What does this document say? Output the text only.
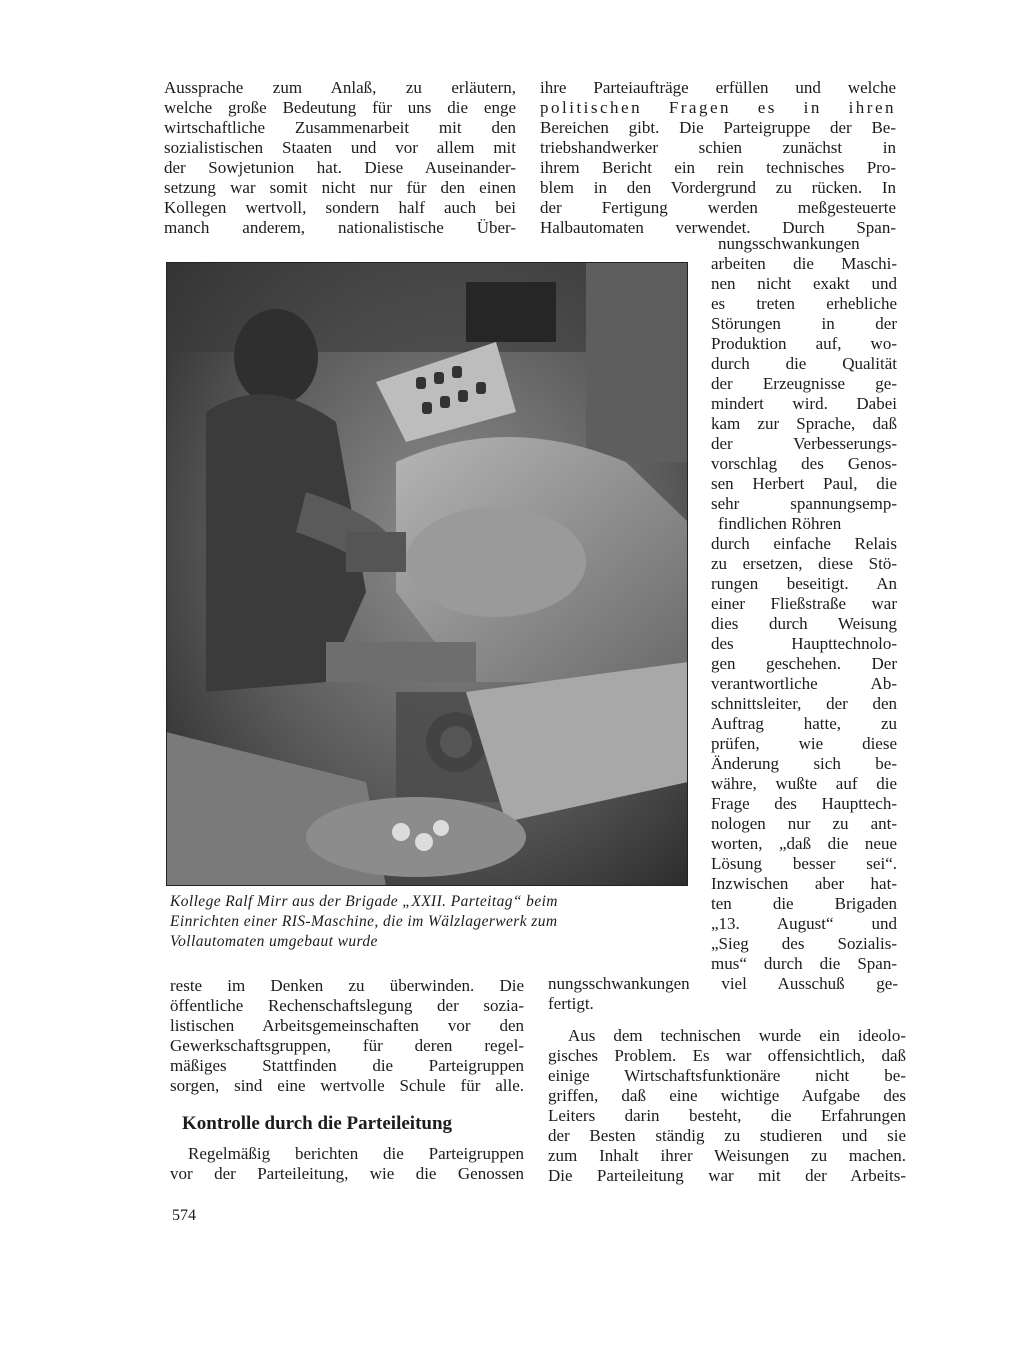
Aussprache zum Anlaß, zu erläutern,
welche große Bedeutung für uns die enge
wirtschaftliche Zusammenarbeit mit den
sozialistischen Staaten und vor allem mit
der Sowjetunion hat. Diese Auseinander-
setzung war somit nicht nur für den einen
Kollegen wertvoll, sondern half auch bei
manch anderem, nationalistische Über-
ihre Parteiaufträge erfüllen und welche
politischen Fragen es in ihren
Bereichen gibt. Die Parteigruppe der Be-
triebshandwerker schien zunächst in
ihrem Bericht ein rein technisches Pro-
blem in den Vordergrund zu rücken. In
der Fertigung werden meßgesteuerte
Halbautomaten verwendet. Durch Span-
nungsschwankungen
arbeiten die Maschi-
nen nicht exakt und
es treten erhebliche
Störungen in der
Produktion auf, wo-
durch die Qualität
der Erzeugnisse ge-
mindert wird. Dabei
kam zur Sprache, daß
der Verbesserungs-
vorschlag des Genos-
sen Herbert Paul, die
sehr spannungsemp-
findlichen Röhren
durch einfache Relais
zu ersetzen, diese Stö-
rungen beseitigt. An
einer Fließstraße war
dies durch Weisung
des Haupttechnolo-
gen geschehen. Der
verantwortliche Ab-
schnittsleiter, der den
Auftrag hatte, zu
prüfen, wie diese
Änderung sich be-
währe, wußte auf die
Frage des Haupttech-
nologen nur zu ant-
worten, „daß die neue
Lösung besser sei“.
Inzwischen aber hat-
ten die Brigaden
„13. August“ und
„Sieg des Sozialis-
mus“ durch die Span-
Kollege Ralf Mirr aus der Brigade „XXII. Parteitag“ beim
Einrichten einer RIS-Maschine, die im Wälzlagerwerk zum
Vollautomaten umgebaut wurde
reste im Denken zu überwinden. Die
öffentliche Rechenschaftslegung der sozia-
listischen Arbeitsgemeinschaften vor den
Gewerkschaftsgruppen, für deren regel-
mäßiges Stattfinden die Parteigruppen
sorgen, sind eine wertvolle Schule für alle.
Kontrolle durch die Parteileitung
Regelmäßig berichten die Parteigruppen
vor der Parteileitung, wie die Genossen
nungsschwankungen viel Ausschuß ge-
fertigt.
Aus dem technischen wurde ein ideolo-
gisches Problem. Es war offensichtlich, daß
einige Wirtschaftsfunktionäre nicht be-
griffen, daß eine wichtige Aufgabe des
Leiters darin besteht, die Erfahrungen
der Besten ständig zu studieren und sie
zum Inhalt ihrer Weisungen zu machen.
Die Parteileitung war mit der Arbeits-
574
